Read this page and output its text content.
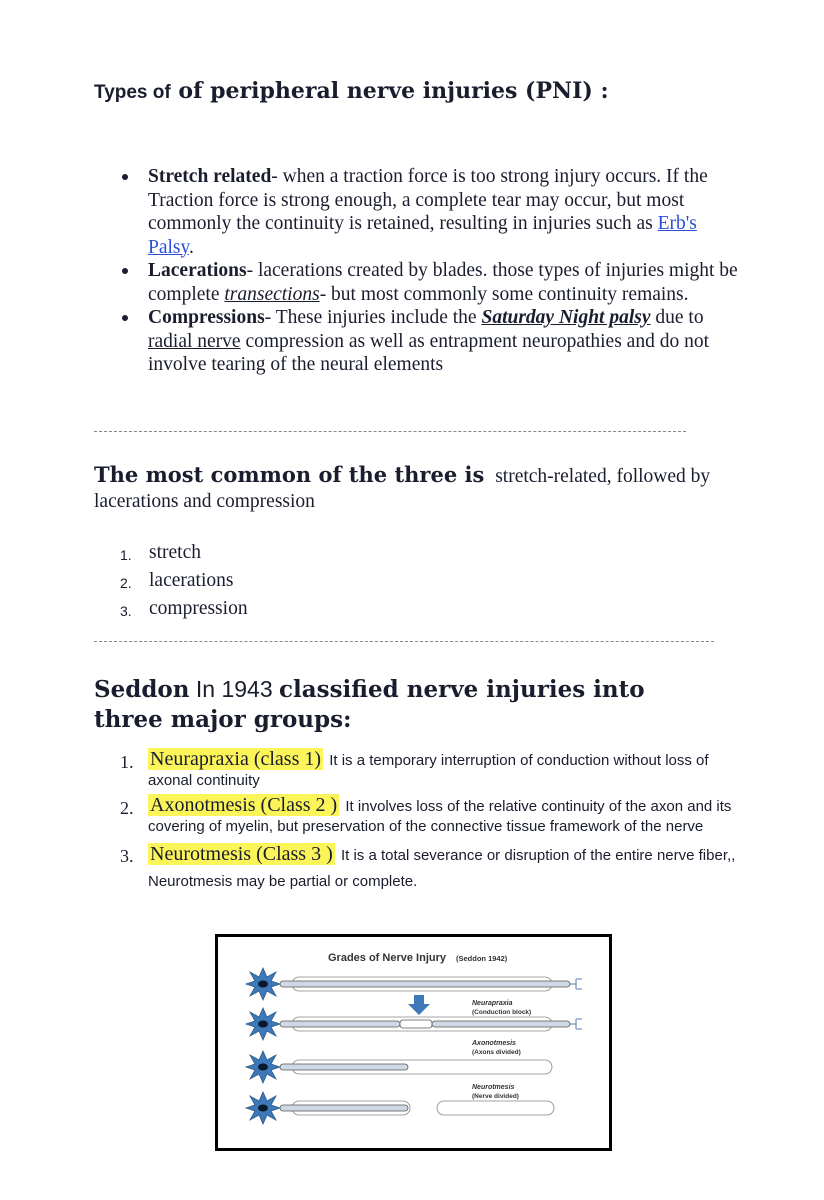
Types of of peripheral nerve injuries (PNI) :
Stretch related- when a traction force is too strong injury occurs. If the Traction force is strong enough, a complete tear may occur, but most commonly the continuity is retained, resulting in injuries such as Erb's Palsy.
Lacerations- lacerations created by blades. those types of injuries might be complete transections- but most commonly some continuity remains.
Compressions- These injuries include the Saturday Night palsy due to radial nerve compression as well as entrapment neuropathies and do not involve tearing of the neural elements

The most common of the three is stretch-related, followed by lacerations and compression

1. stretch
2. lacerations
3. compression
Seddon In 1943 classified nerve injuries into three major groups:
1. Neurapraxia (class 1) It is a temporary interruption of conduction without loss of axonal continuity
2. Axonotmesis (Class 2 ) It involves loss of the relative continuity of the axon and its covering of myelin, but preservation of the connective tissue framework of the nerve
3. Neurotmesis (Class 3 ) It is a total severance or disruption of the entire nerve fiber,, Neurotmesis may be partial or complete.
Grades of Nerve Injury (Seddon 1942)
Neurapraxia
(Conduction block)
Axonotmesis
(Axons divided)
Neurotmesis
(Nerve divided)
